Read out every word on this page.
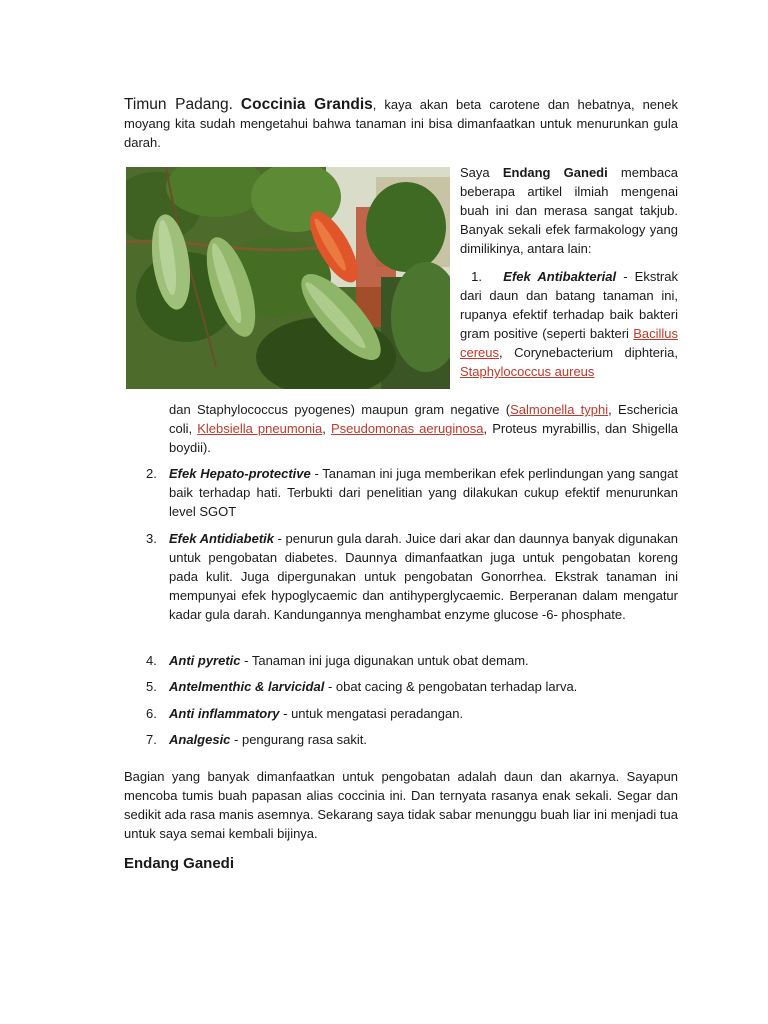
Timun Padang. Coccinia Grandis, kaya akan beta carotene dan hebatnya, nenek moyang kita sudah mengetahui bahwa tanaman ini bisa dimanfaatkan untuk menurunkan gula darah.
Saya Endang Ganedi membaca beberapa artikel ilmiah mengenai buah ini dan merasa sangat takjub. Banyak sekali efek farmakology yang dimilikinya, antara lain:
1. Efek Antibakterial - Ekstrak dari daun dan batang tanaman ini, rupanya efektif terhadap baik bakteri gram positive (seperti bakteri Bacillus cereus, Corynebacterium diphteria, Staphylococcus aureus
dan Staphylococcus pyogenes) maupun gram negative (Salmonella typhi, Eschericia coli, Klebsiella pneumonia, Pseudomonas aeruginosa, Proteus myrabillis, dan Shigella boydii).
2. Efek Hepato-protective - Tanaman ini juga memberikan efek perlindungan yang sangat baik terhadap hati. Terbukti dari penelitian yang dilakukan cukup efektif menurunkan level SGOT
3. Efek Antidiabetik - penurun gula darah. Juice dari akar dan daunnya banyak digunakan untuk pengobatan diabetes. Daunnya dimanfaatkan juga untuk pengobatan koreng pada kulit. Juga dipergunakan untuk pengobatan Gonorrhea. Ekstrak tanaman ini mempunyai efek hypoglycaemic dan antihyperglycaemic. Berperanan dalam mengatur kadar gula darah. Kandungannya menghambat enzyme glucose -6- phosphate.
4. Anti pyretic - Tanaman ini juga digunakan untuk obat demam.
5. Antelmenthic & larvicidal - obat cacing & pengobatan terhadap larva.
6. Anti inflammatory - untuk mengatasi peradangan.
7. Analgesic - pengurang rasa sakit.
Bagian yang banyak dimanfaatkan untuk pengobatan adalah daun dan akarnya. Sayapun mencoba tumis buah papasan alias coccinia ini. Dan ternyata rasanya enak sekali. Segar dan sedikit ada rasa manis asemnya. Sekarang saya tidak sabar menunggu buah liar ini menjadi tua untuk saya semai kembali bijinya.
Endang Ganedi
